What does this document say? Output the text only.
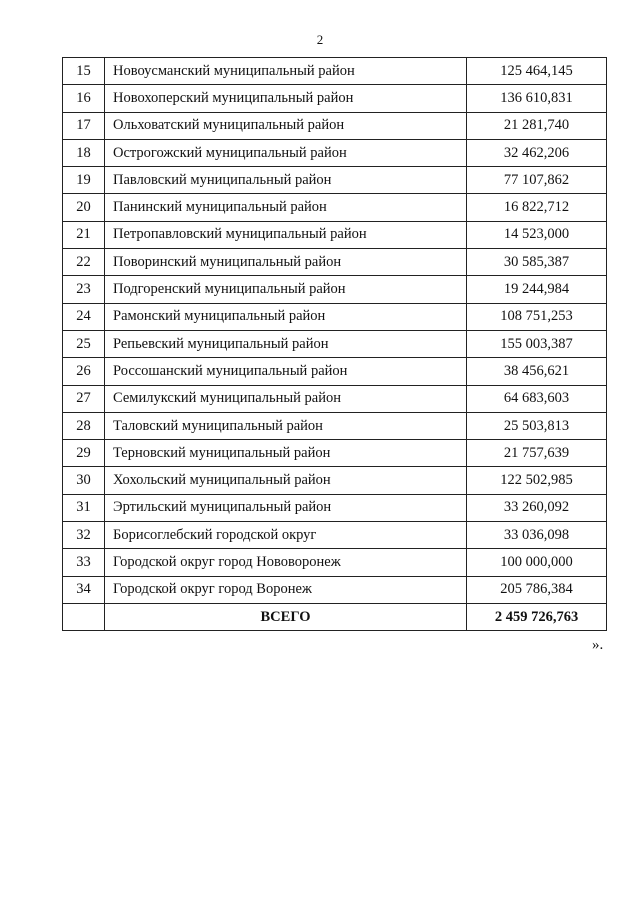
2
15	Новоусманский муниципальный район	125 464,145
16	Новохоперский муниципальный район	136 610,831
17	Ольховатский муниципальный район	21 281,740
18	Острогожский муниципальный район	32 462,206
19	Павловский муниципальный район	77 107,862
20	Панинский муниципальный район	16 822,712
21	Петропавловский муниципальный район	14 523,000
22	Поворинский муниципальный район	30 585,387
23	Подгоренский муниципальный район	19 244,984
24	Рамонский муниципальный район	108 751,253
25	Репьевский муниципальный район	155 003,387
26	Россошанский муниципальный район	38 456,621
27	Семилукский муниципальный район	64 683,603
28	Таловский муниципальный район	25 503,813
29	Терновский муниципальный район	21 757,639
30	Хохольский муниципальный район	122 502,985
31	Эртильский муниципальный район	33 260,092
32	Борисоглебский городской округ	33 036,098
33	Городской округ город Нововоронеж	100 000,000
34	Городской округ город Воронеж	205 786,384
	ВСЕГО	2 459 726,763
».
